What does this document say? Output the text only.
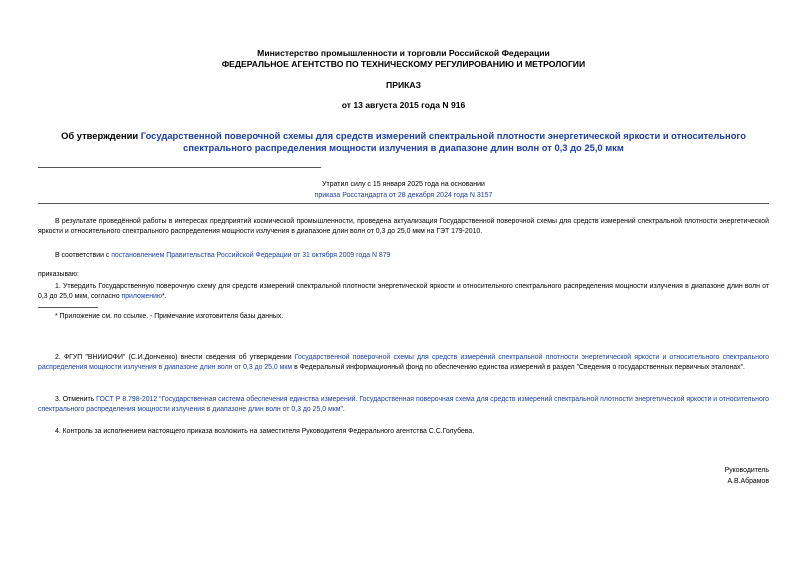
Министерство промышленности и торговли Российской Федерации
ФЕДЕРАЛЬНОЕ АГЕНТСТВО ПО ТЕХНИЧЕСКОМУ РЕГУЛИРОВАНИЮ И МЕТРОЛОГИИ
ПРИКАЗ
от 13 августа 2015 года N 916
Об утверждении Государственной поверочной схемы для средств измерений спектральной плотности энергетической яркости и относительного спектрального распределения мощности излучения в диапазоне длин волн от 0,3 до 25,0 мкм
Утратил силу с 15 января 2025 года на основании
приказа Росстандарта от 28 декабря 2024 года N 3157
В результате проведённой работы в интересах предприятий космической промышленности, проведена актуализация Государственной поверочной схемы для средств измерений спектральной плотности энергетической яркости и относительного спектрального распределения мощности излучения в диапазоне длин волн от 0,3 до 25,0 мкм на ГЭТ 179-2010.
В соответствии с постановлением Правительства Российской Федерации от 31 октября 2009 года N 879
приказываю:
1. Утвердить Государственную поверочную схему для средств измерений спектральной плотности энергетической яркости и относительного спектрального распределения мощности излучения в диапазоне длин волн от 0,3 до 25,0 мкм, согласно приложению*.
* Приложение см. по ссылке. - Примечание изготовителя базы данных.
2. ФГУП "ВНИИОФИ" (С.И.Донченко) внести сведения об утверждении Государственной поверочной схемы для средств измерений спектральной плотности энергетической яркости и относительного спектрального распределения мощности излучения в диапазоне длин волн от 0,3 до 25,0 мкм в Федеральный информационный фонд по обеспечению единства измерений в раздел "Сведения о государственных первичных эталонах".
3. Отменить ГОСТ Р 8.798-2012 "Государственная система обеспечения единства измерений. Государственная поверочная схема для средств измерений спектральной плотности энергетической яркости и относительного спектрального распределения мощности излучения в диапазоне длин волн от 0,3 до 25,0 мкм".
4. Контроль за исполнением настоящего приказа возложить на заместителя Руководителя Федерального агентства С.С.Голубева.
Руководитель
А.В.Абрамов
